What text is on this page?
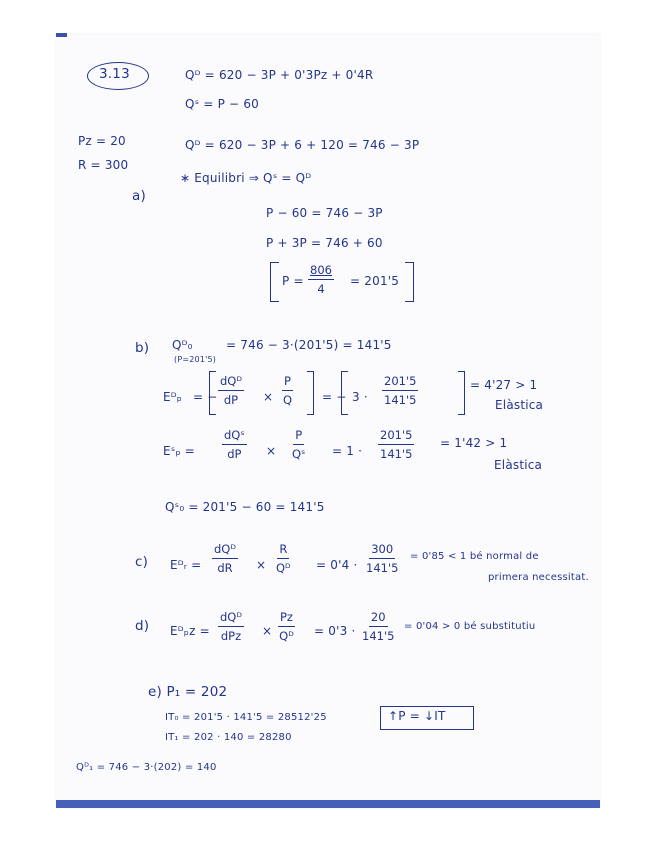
3.13	Qᴰ = 620 − 3P + 0'3Pz + 0'4R
Qˢ = P − 60
Pz = 20	Qᴰ = 620 − 3P + 6 + 120 = 746 − 3P
R = 300
a)
∗ Equilibri ⇒ Qˢ = Qᴰ
P − 60 = 746 − 3P
P + 3P = 746 + 60
$P = \frac{806}{4} = 201'5$
b) Qᴰ₀
(P=201'5)
= 746 − 3·(201'5) = 141'5
Eᴰₚ = −
dQᴰ
dP × $\frac{P}{Q}$ = − $3 \cdot \frac{201'5}{141'5}$	= 4'27 > 1
Elàstica
Eˢₚ =
dQˢ
dP × $\frac{P}{\text{Qˢ}} = 1 \cdot \frac{201'5}{141'5} = 1'42 > 1$
Elàstica
Qˢ₀ = 201'5 − 60 = 141'5
c) Eᴰᵣ =
dQᴰ
dR × $\frac{R}{\text{Qᴰ}} = 0'4 \cdot \frac{300}{141'5} = 0'85 < 1$ bé normal de
primera necessitat.
d) Eᴰₚz =
dQᴰ
dPz × $\frac{Pz}{\text{Qᴰ}} = 0'3 \cdot \frac{20}{141'5} = 0'04 > 0$ bé substitutiu
e) P₁ = 202
IT₀ = 201'5 · 141'5 = 28512'25
IT₁ = 202 · 140 = 28280
↑P = ↓IT
Qᴰ₁ = 746 − 3·(202) = 140
